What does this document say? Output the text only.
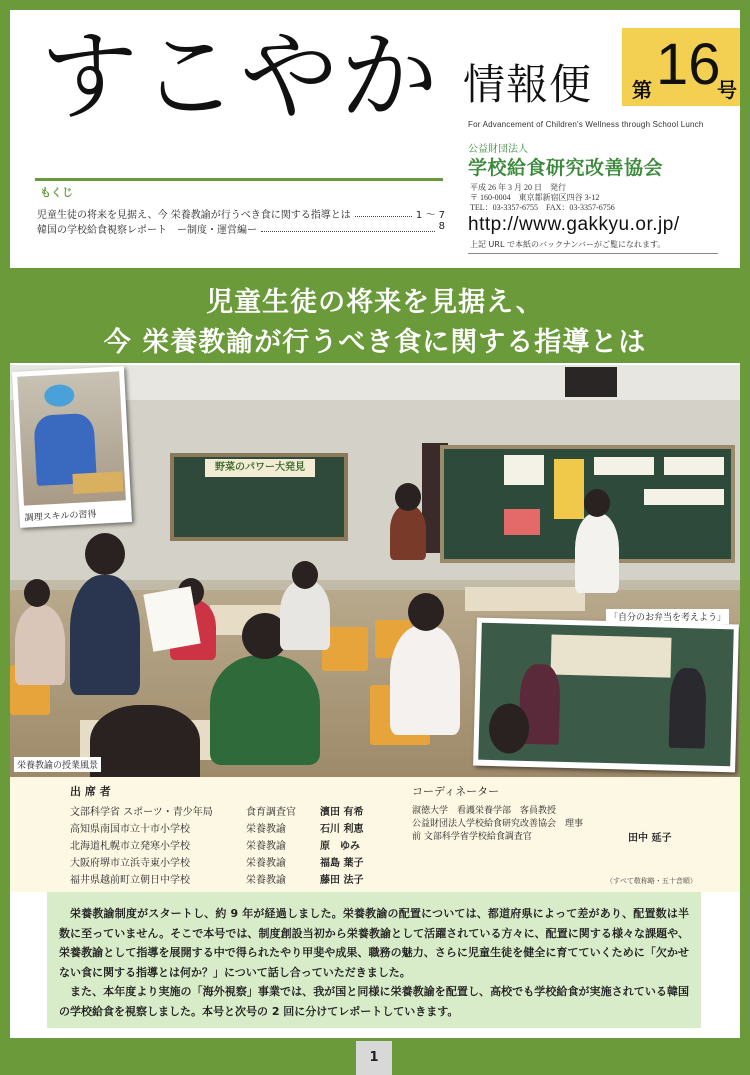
すこやか 情報便 第 16
号
For Advancement of Children's Wellness through School Lunch
公益財団法人
学校給食研究改善協会
平成 26 年 3 月 20 日　発行
〒 160-0004　東京都新宿区四谷 3-12
TEL：03-3357-6755　FAX：03-3357-6756
http://www.gakkyu.or.jp/
上記 URL で本紙のバックナンバーがご覧になれます。
もくじ
児童生徒の将来を見据え、今 栄養教諭が行うべき食に関する指導とは	1 〜 7
韓国の学校給食視察レポート　ー制度・運営編ー	8
児童生徒の将来を見据え、
今 栄養教諭が行うべき食に関する指導とは
野菜のパワー大発見
調理スキルの習得
「自分のお弁当を考えよう」
栄養教諭の授業風景
出 席 者
文部科学省 スポーツ・青少年局	食育調査官 濱田 有希
高知県南国市立十市小学校	栄養教諭	石川 利恵
北海道札幌市立発寒小学校	栄養教諭	原　ゆみ
大阪府堺市立浜寺東小学校	栄養教諭	福島 葉子
福井県越前町立朝日中学校	栄養教諭	藤田 法子
コーディネーター
淑徳大学　看護栄養学部　客員教授
公益財団法人学校給食研究改善協会　理事
前 文部科学省学校給食調査官	田中 延子
（すべて敬称略・五十音順）

栄養教諭制度がスタートし、約 9 年が経過しました。栄養教諭の配置については、都道府県によって差があり、配置数は半数に至っていません。そこで本号では、制度創設当初から栄養教諭として活躍されている方々に、配置に関する様々な課題や、栄養教諭として指導を展開する中で得られたやり甲斐や成果、職務の魅力、さらに児童生徒を健全に育てていくために「欠かせない食に関する指導とは何か？」について話し合っていただきました。

また、本年度より実施の「海外視察」事業では、我が国と同様に栄養教諭を配置し、高校でも学校給食が実施されている韓国の学校給食を視察しました。本号と次号の 2 回に分けてレポートしていきます。

1
